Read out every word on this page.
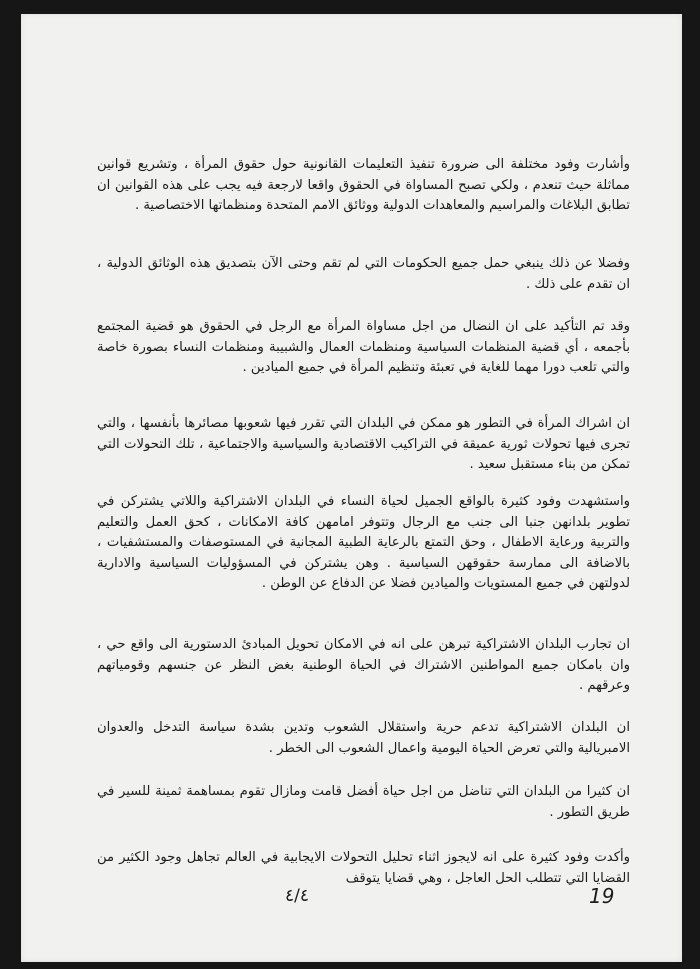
وأشارت وفود مختلفة الى ضرورة تنفيذ التعليمات القانونية حول حقوق المرأة ، وتشريع قوانين مماثلة حيث تنعدم ، ولكي تصبح المساواة في الحقوق واقعا لارجعة فيه يجب على هذه القوانين ان تطابق البلاغات والمراسيم والمعاهدات الدولية ووثائق الامم المتحدة ومنظماتها الاختصاصية .

وفضلا عن ذلك ينبغي حمل جميع الحكومات التي لم تقم وحتى الآن بتصديق هذه الوثائق الدولية ، ان تقدم على ذلك .

وقد تم التأكيد على ان النضال من اجل مساواة المرأة مع الرجل في الحقوق هو قضية المجتمع بأجمعه ، أي قضية المنظمات السياسية ومنظمات العمال والشبيبة ومنظمات النساء بصورة خاصة والتي تلعب دورا مهما للغاية في تعبئة وتنظيم المرأة في جميع الميادين .

ان اشراك المرأة في التطور هو ممكن في البلدان التي تقرر فيها شعوبها مصائرها بأنفسها ، والتي تجرى فيها تحولات ثورية عميقة في التراكيب الاقتصادية والسياسية والاجتماعية ، تلك التحولات التي تمكن من بناء مستقبل سعيد .

واستشهدت وفود كثيرة بالواقع الجميل لحياة النساء في البلدان الاشتراكية واللاتي يشتركن في تطوير بلدانهن جنبا الى جنب مع الرجال وتتوفر امامهن كافة الامكانات ، كحق العمل والتعليم والتربية ورعاية الاطفال ، وحق التمتع بالرعاية الطبية المجانية في المستوصفات والمستشفيات ، بالاضافة الى ممارسة حقوقهن السياسية . وهن يشتركن في المسؤوليات السياسية والادارية لدولتهن في جميع المستويات والميادين فضلا عن الدفاع عن الوطن .

ان تجارب البلدان الاشتراكية تبرهن على انه في الامكان تحويل المبادئ الدستورية الى واقع حي ، وان بامكان جميع المواطنين الاشتراك في الحياة الوطنية بغض النظر عن جنسهم وقومياتهم وعرقهم .

ان البلدان الاشتراكية تدعم حرية واستقلال الشعوب وتدين بشدة سياسة التدخل والعدوان الامبريالية والتي تعرض الحياة اليومية واعمال الشعوب الى الخطر .

ان كثيرا من البلدان التي تناضل من اجل حياة أفضل قامت ومازال تقوم بمساهمة ثمينة للسير في طريق التطور .

وأكدت وفود كثيرة على انه لايجوز اثناء تحليل التحولات الايجابية في العالم تجاهل وجود الكثير من القضايا التي تتطلب الحل العاجل ، وهي قضايا يتوقف

٤/٤	19
